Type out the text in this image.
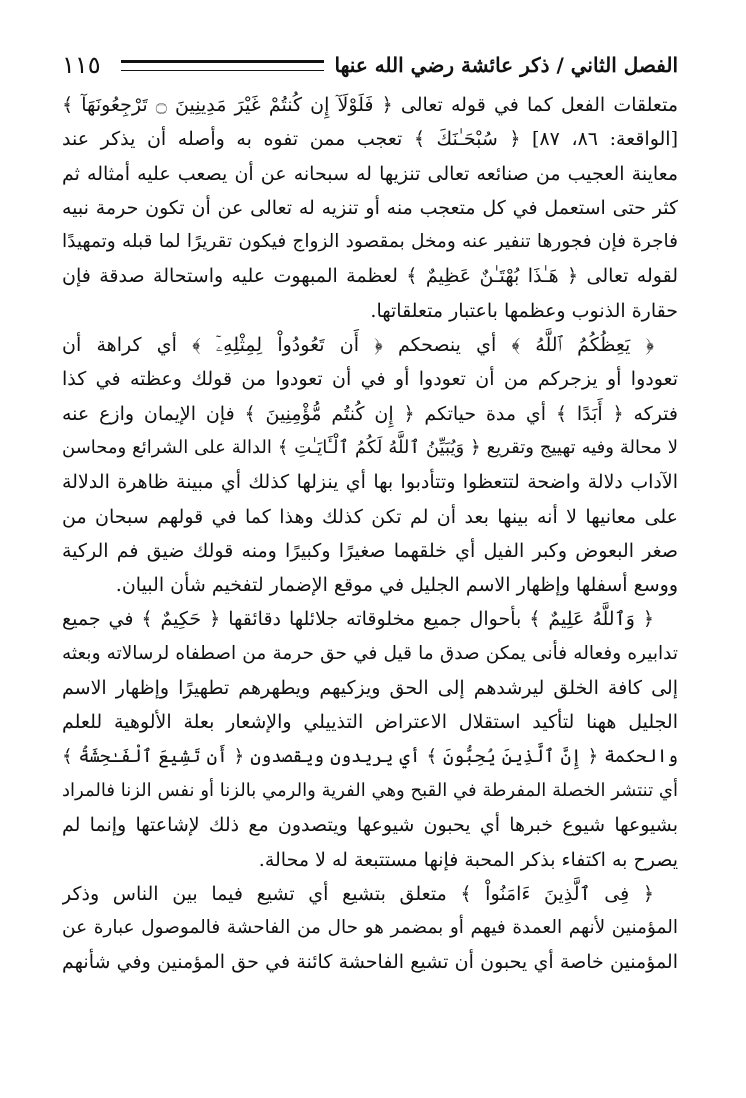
١١٥	الفصل الثاني / ذكر عائشة رضي الله عنها
متعلقات الفعل كما في قوله تعالى ﴿ فَلَوْلَآ إِن كُنتُمْ غَيْرَ مَدِينِينَ ۝ تَرْجِعُونَهَآ ﴾
[الواقعة: ٨٦، ٨٧] ﴿ سُبْحَـٰنَكَ ﴾ تعجب ممن تفوه به وأصله أن يذكر عند
معاينة العجيب من صنائعه تعالى تنزيها له سبحانه عن أن يصعب عليه أمثاله ثم
كثر حتى استعمل في كل متعجب منه أو تنزيه له تعالى عن أن تكون حرمة نبيه
فاجرة فإن فجورها تنفير عنه ومخل بمقصود الزواج فيكون تقريرًا لما قبله وتمهيدًا
لقوله تعالى ﴿ هَـٰذَا بُهْتَـٰنٌ عَظِيمٌ ﴾ لعظمة المبهوت عليه واستحالة صدقة فإن
حقارة الذنوب وعظمها باعتبار متعلقاتها.
﴿ يَعِظُكُمُ ٱللَّهُ ﴾ أي ينصحكم ﴿ أَن تَعُودُواْ لِمِثْلِهِۦٓ ﴾ أي كراهة أن
تعودوا أو يزجركم من أن تعودوا أو في أن تعودوا من قولك وعظته في كذا
فتركه ﴿ أَبَدًا ﴾ أي مدة حياتكم ﴿ إِن كُنتُم مُّؤْمِنِينَ ﴾ فإن الإيمان وازع عنه
لا محالة وفيه تهييج وتقريع ﴿ وَيُبَيِّنُ ٱللَّهُ لَكُمُ ٱلْـَٔايَـٰتِ ﴾ الدالة على الشرائع ومحاسن
الآداب دلالة واضحة لتتعظوا وتتأدبوا بها أي ينزلها كذلك أي مبينة ظاهرة الدلالة
على معانيها لا أنه بينها بعد أن لم تكن كذلك وهذا كما في قولهم سبحان من
صغر البعوض وكبر الفيل أي خلقهما صغيرًا وكبيرًا ومنه قولك ضيق فم الركية
ووسع أسفلها وإظهار الاسم الجليل في موقع الإضمار لتفخيم شأن البيان.
﴿ وَٱللَّهُ عَلِيمٌ ﴾ بأحوال جميع مخلوقاته جلائلها دقائقها ﴿ حَكِيمٌ ﴾ في جميع
تدابيره وفعاله فأنى يمكن صدق ما قيل في حق حرمة من اصطفاه لرسالاته وبعثه
إلى كافة الخلق ليرشدهم إلى الحق ويزكيهم ويطهرهم تطهيرًا وإظهار الاسم
الجليل ههنا لتأكيد استقلال الاعتراض التذييلي والإشعار بعلة الألوهية للعلم
والحكمة ﴿ إِنَّ ٱلَّذِينَ يُحِبُّونَ ﴾ أي يريدون ويقصدون ﴿ أَن تَشِيعَ ٱلْفَـٰحِشَةُ ﴾
أي تنتشر الخصلة المفرطة في القبح وهي الفرية والرمي بالزنا أو نفس الزنا فالمراد
بشيوعها شيوع خبرها أي يحبون شيوعها ويتصدون مع ذلك لإشاعتها وإنما لم
يصرح به اكتفاء بذكر المحبة فإنها مستتبعة له لا محالة.
﴿ فِى ٱلَّذِينَ ءَامَنُواْ ﴾ متعلق بتشيع أي تشيع فيما بين الناس وذكر
المؤمنين لأنهم العمدة فيهم أو بمضمر هو حال من الفاحشة فالموصول عبارة عن
المؤمنين خاصة أي يحبون أن تشيع الفاحشة كائنة في حق المؤمنين وفي شأنهم
